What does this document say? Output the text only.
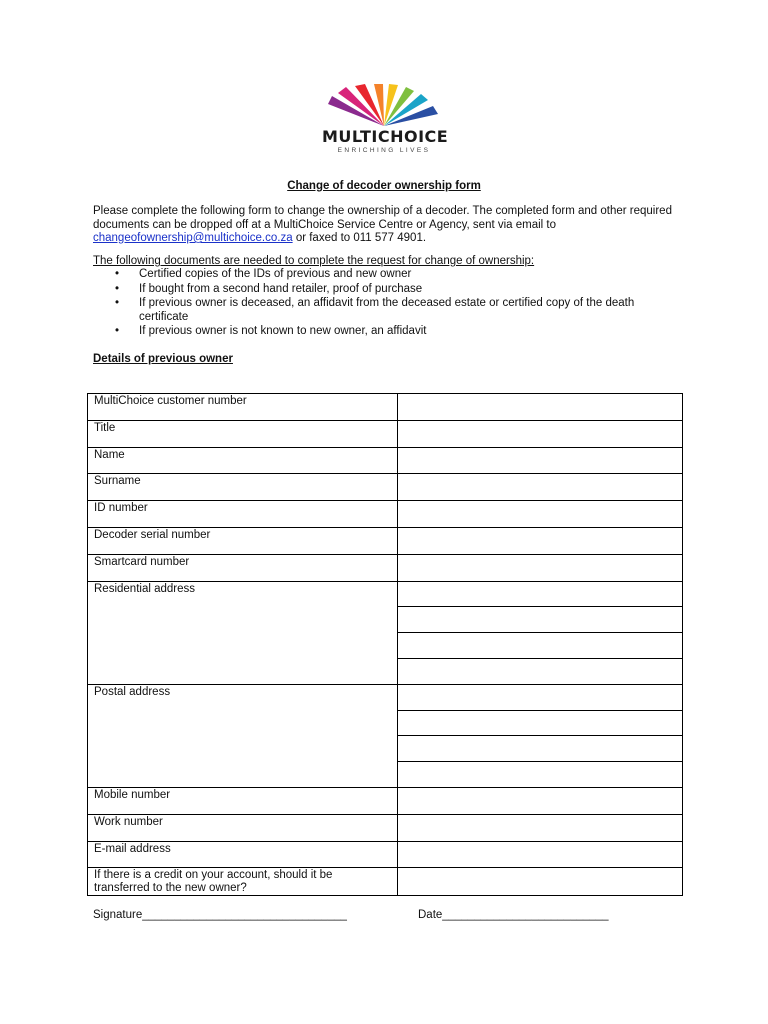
MULTICHOICE
ENRICHING LIVES
Change of decoder ownership form

Please complete the following form to change the ownership of a decoder. The completed form and other required documents can be dropped off at a MultiChoice Service Centre or Agency, sent via email to changeofownership@multichoice.co.za or faxed to 011 577 4901.

The following documents are needed to complete the request for change of ownership:
• Certified copies of the IDs of previous and new owner
• If bought from a second hand retailer, proof of purchase
• If previous owner is deceased, an affidavit from the deceased estate or certified copy of the death certificate
• If previous owner is not known to new owner, an affidavit
Details of previous owner
MultiChoice customer number	
Title	
Name	
Surname	
ID number	
Decoder serial number	
Smartcard number	
Residential address	

Postal address	

Mobile number	
Work number	
E-mail address	
If there is a credit on your account, should it be transferred to the new owner?	
Signature________________________________	Date__________________________
